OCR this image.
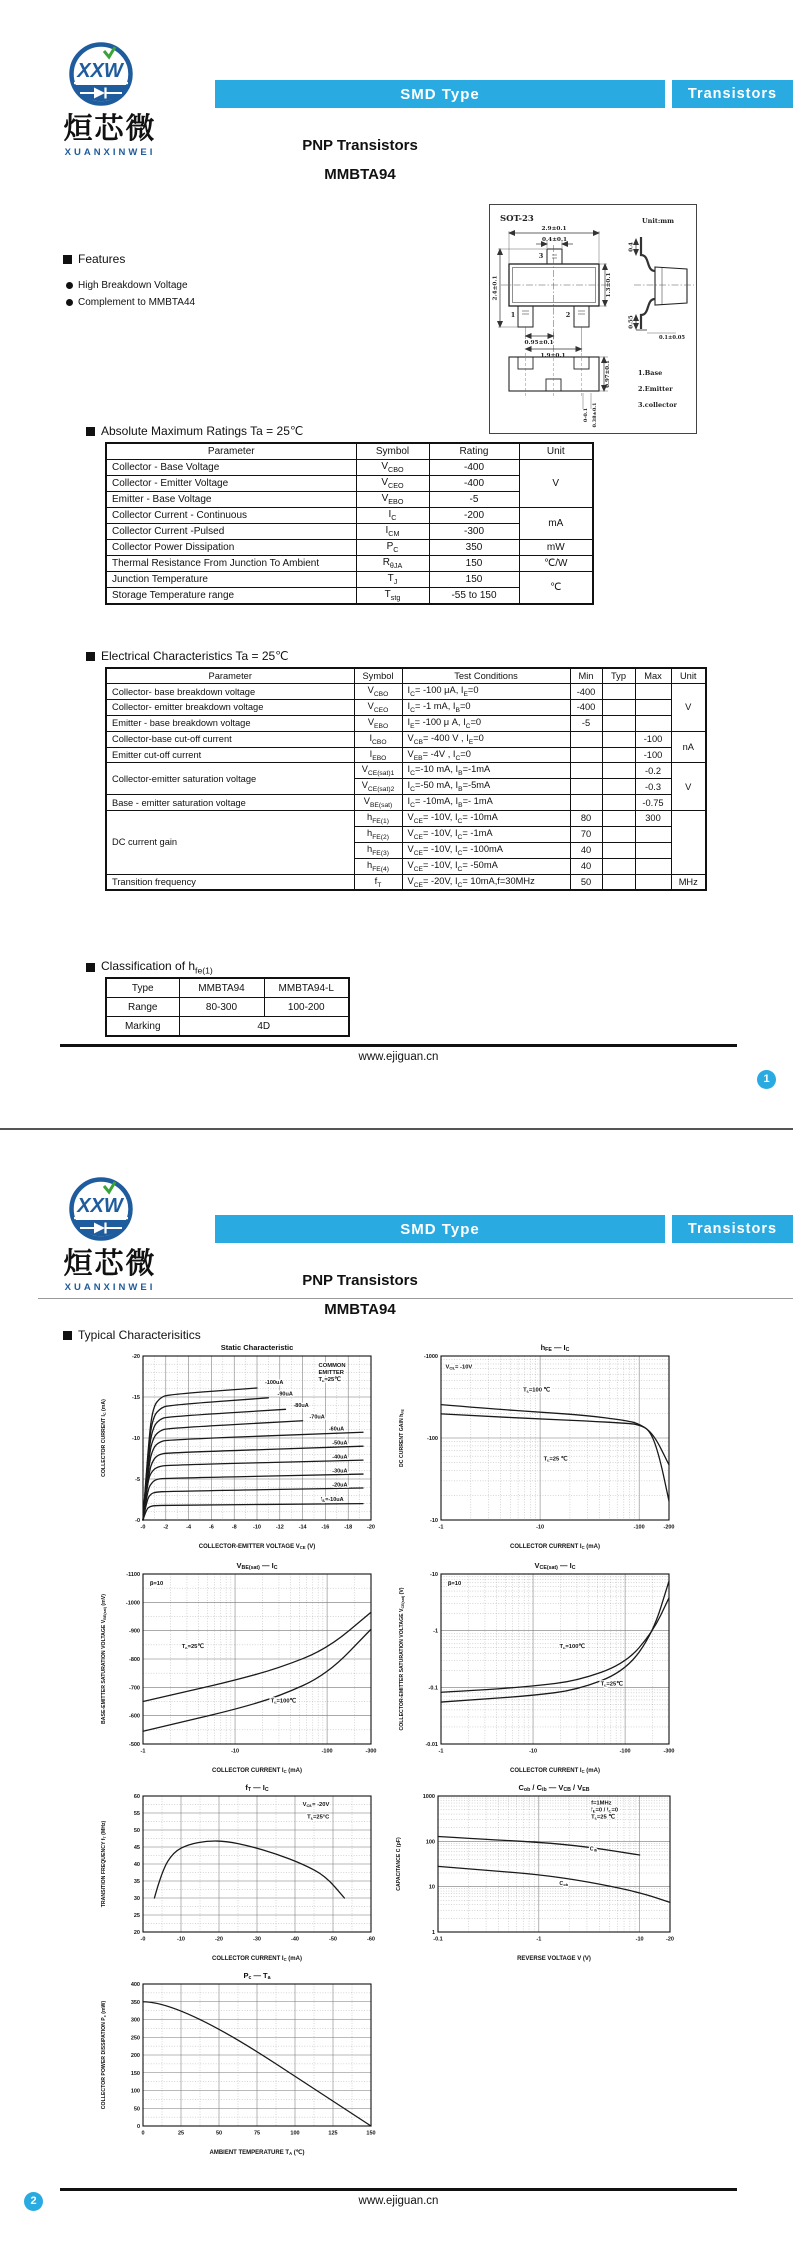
XXW
烜芯微
XUANXINWEI
SMD Type	Transistors
PNP Transistors
MMBTA94
SOT-23	Unit:mm
3
1	2
2.9±0.1
0.4±0.1
2.4±0.1	1.3±0.1
0.95±0.1
1.9±0.1
0.4
0.55
0.1±0.05
0.97±0.1
0-0.1 0.38±0.1
1.Base
2.Emitter
3.collector
Features
High Breakdown Voltage
Complement to MMBTA44
Absolute Maximum Ratings Ta = 25℃
Parameter	Symbol	Rating	Unit
Collector - Base Voltage	$V_{CBO}$	-400	V
Collector - Emitter Voltage	$V_{CEO}$	-400	
Emitter - Base Voltage	$V_{EBO}$	-5	
Collector Current - Continuous	$I_C$	-200	mA
Collector Current -Pulsed	$I_{CM}$	-300	
Collector Power Dissipation	$P_C$	350	mW
Thermal Resistance From Junction To Ambient	$R_{\theta JA}$	150	℃/W
Junction Temperature	$T_J$	150	℃
Storage Temperature range	$T_{stg}$	-55 to 150	
Electrical Characteristics Ta = 25℃
Parameter	Symbol	Test Conditions	Min	Typ	Max	Unit
Collector- base breakdown voltage	$V_{CBO}$	$I_C= -100$ μA, $I_E=0$	-400			V
Collector- emitter breakdown voltage	$V_{CEO}$	$I_C= -1$ mA, $I_B=0$	-400			
Emitter - base breakdown voltage	$V_{EBO}$	$I_E= -100$ μ A, $I_C=0$	-5			
Collector-base cut-off current	$I_{CBO}$	$V_{CB}= -400$ V , $I_E=0$			-100	nA
Emitter cut-off current	$I_{EBO}$	$V_{EB}= -4V$ , $I_C=0$			-100	
Collector-emitter saturation voltage	$V_{CE(sat)1}$	$I_C=-10$ mA, $I_B=-1mA$			-0.2	V
	$V_{CE(sat)2}$	$I_C=-50$ mA, $I_B=-5mA$			-0.3	
Base - emitter saturation voltage	$V_{BE(sat)}$	$I_C= -10mA$, $I_B=-$ 1mA			-0.75	
DC current gain	$h_{FE(1)}$	$V_{CE}= -10V$, $I_C= -10mA$	80		300	
	$h_{FE(2)}$	$V_{CE}= -10V$, $I_C= -1mA$	70			
	$h_{FE(3)}$	$V_{CE}= -10V$, $I_C= -100mA$	40			
	$h_{FE(4)}$	$V_{CE}= -10V$, $I_C= -50mA$	40			
Transition frequency	$f_T$	$V_{CE}= -20V$, $I_C= 10mA,f=30MHz$	50			MHz
Classification of $h_{fe(1)}$
Type	MMBTA94	MMBTA94-L
Range	80-300	100-200
Marking	4D	
www.ejiguan.cn
1
XXW
烜芯微
XUANXINWEI
SMD Type	Transistors
PNP Transistors
MMBTA94
Typical Characterisitics
-0	-2	-4	-6	-8	-10	-12	-14	-16	-18	-20
-0
-5
-10
-15
-20
-100uA
-90uA
-80uA
-70uA
-60uA
-50uA
-40uA
-30uA
-20uA
IB=-10uA
COMMON
EMITTER
Ta=25℃
Static Characteristic
COLLECTOR-EMITTER VOLTAGE VCE (V)
COLLECTOR CURRENT IC (mA)
-1	-10	-100	-200
-10
-100
-1000
VCE= -10V
Ta=100 ℃
Ta=25 ℃
hFE — IC
COLLECTOR CURRENT IC (mA)
DC CURRENT GAIN hFE
-1	-10	-100	-300
-500
-600
-700
-800
-900
-1000
-1100
β=10
Ta=25℃
Ta=100℃
VBE(sat) — IC
COLLECTOR CURRENT IC (mA)
BASE-EMITTER SATURATION VOLTAGE VBE(sat) (mV)
-1	-10	-100	-300
-0.01
-0.1
-1
-10
β=10
Ta=100℃
Ta=25℃
VCE(sat) — IC
COLLECTOR CURRENT IC (mA)
COLLECTOR-EMITTER SATURATION VOLTAGE VCE(sat) (V)
-0	-10	-20	-30	-40	-50	-60
20
25
30
35
40
45
50
55
60
VCE= -20V
Ta=25°C
fT — IC
COLLECTOR CURRENT IC (mA)
TRANSITION FREQUENCY fT (MHz)
-0.1	-1	-10	-20
1
10
100
1000
Cib
Cob
f=1MHz
IE=0 / IC=0
Ta=25 ℃
Cob / Cib — VCB / VEB
REVERSE VOLTAGE V (V)
CAPACITANCE C (pF)
0	25	50	75	100	125	150
0
50
100
150
200
250
300
350
400
Pc — Ta
AMBIENT TEMPERATURE TA (℃)
COLLECTOR POWER DISSIPATION Pc (mW)
www.ejiguan.cn
2
